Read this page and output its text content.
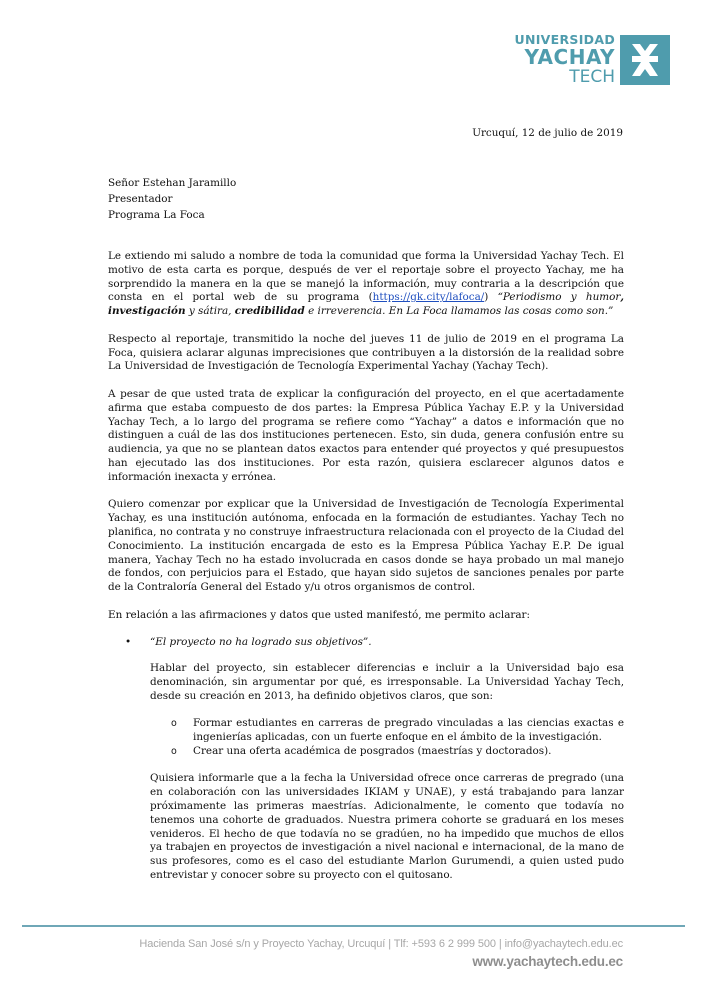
UNIVERSIDAD
YACHAY
TECH
Urcuquí, 12 de julio de 2019
Señor Estehan Jaramillo
Presentador
Programa La Foca

Le extiendo mi saludo a nombre de toda la comunidad que forma la Universidad Yachay Tech. El motivo de esta carta es porque, después de ver el reportaje sobre el proyecto Yachay, me ha sorprendido la manera en la que se manejó la información, muy contraria a la descripción que consta en el portal web de su programa (https://gk.city/lafoca/) “Periodismo y humor, investigación y sátira, credibilidad e irreverencia. En La Foca llamamos las cosas como son.”

Respecto al reportaje, transmitido la noche del jueves 11 de julio de 2019 en el programa La Foca, quisiera aclarar algunas imprecisiones que contribuyen a la distorsión de la realidad sobre La Universidad de Investigación de Tecnología Experimental Yachay (Yachay Tech).

A pesar de que usted trata de explicar la configuración del proyecto, en el que acertadamente afirma que estaba compuesto de dos partes: la Empresa Pública Yachay E.P. y la Universidad Yachay Tech, a lo largo del programa se refiere como “Yachay” a datos e información que no distinguen a cuál de las dos instituciones pertenecen. Esto, sin duda, genera confusión entre su audiencia, ya que no se plantean datos exactos para entender qué proyectos y qué presupuestos han ejecutado las dos instituciones. Por esta razón, quisiera esclarecer algunos datos e información inexacta y errónea.

Quiero comenzar por explicar que la Universidad de Investigación de Tecnología Experimental Yachay, es una institución autónoma, enfocada en la formación de estudiantes. Yachay Tech no planifica, no contrata y no construye infraestructura relacionada con el proyecto de la Ciudad del Conocimiento. La institución encargada de esto es la Empresa Pública Yachay E.P. De igual manera, Yachay Tech no ha estado involucrada en casos donde se haya probado un mal manejo de fondos, con perjuicios para el Estado, que hayan sido sujetos de sanciones penales por parte de la Contraloría General del Estado y/u otros organismos de control.

En relación a las afirmaciones y datos que usted manifestó, me permito aclarar:

• “El proyecto no ha logrado sus objetivos”.

Hablar del proyecto, sin establecer diferencias e incluir a la Universidad bajo esa denominación, sin argumentar por qué, es irresponsable. La Universidad Yachay Tech, desde su creación en 2013, ha definido objetivos claros, que son:

o Formar estudiantes en carreras de pregrado vinculadas a las ciencias exactas e ingenierías aplicadas, con un fuerte enfoque en el ámbito de la investigación.
o Crear una oferta académica de posgrados (maestrías y doctorados).

Quisiera informarle que a la fecha la Universidad ofrece once carreras de pregrado (una en colaboración con las universidades IKIAM y UNAE), y está trabajando para lanzar próximamente las primeras maestrías. Adicionalmente, le comento que todavía no tenemos una cohorte de graduados. Nuestra primera cohorte se graduará en los meses venideros. El hecho de que todavía no se gradúen, no ha impedido que muchos de ellos ya trabajen en proyectos de investigación a nivel nacional e internacional, de la mano de sus profesores, como es el caso del estudiante Marlon Gurumendi, a quien usted pudo entrevistar y conocer sobre su proyecto con el quitosano.

Hacienda San José s/n y Proyecto Yachay, Urcuquí | Tlf: +593 6 2 999 500 | info@yachaytech.edu.ec
www.yachaytech.edu.ec
